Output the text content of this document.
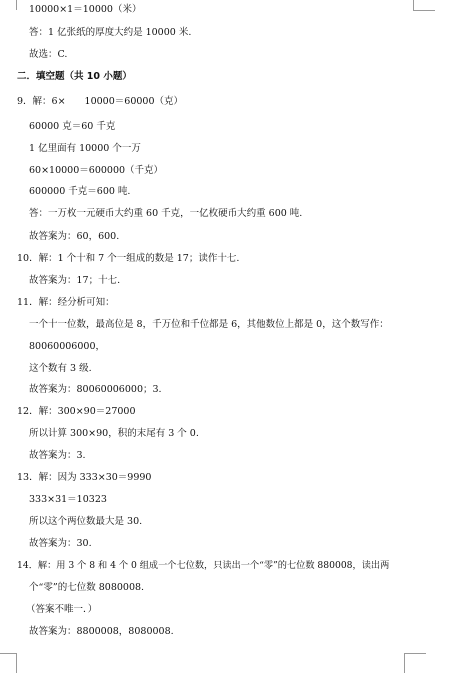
10000×1＝10000（米）
答：1 亿张纸的厚度大约是 10000 米.
故选：C.
二．填空题（共 10 小题）
9．解：6×　　10000＝60000（克）
60000 克＝60 千克
1 亿里面有 10000 个一万
60×10000＝600000（千克）
600000 千克＝600 吨.
答：一万枚一元硬币大约重 60 千克，一亿枚硬币大约重 600 吨.
故答案为：60，600.
10．解：1 个十和 7 个一组成的数是 17；读作十七.
故答案为：17；十七.
11．解：经分析可知：
一个十一位数，最高位是 8，千万位和千位都是 6，其他数位上都是 0，这个数写作：
80060006000，
这个数有 3 级.
故答案为：80060006000；3.
12．解：300×90＝27000
所以计算 300×90，积的末尾有 3 个 0.
故答案为：3.
13．解：因为 333×30＝9990
333×31＝10323
所以这个两位数最大是 30.
故答案为：30.
14．解：用 3 个 8 和 4 个 0 组成一个七位数，只读出一个“零”的七位数 880008，读出两
个“零”的七位数 8080008.
（答案不唯一．）
故答案为：8800008，8080008.
